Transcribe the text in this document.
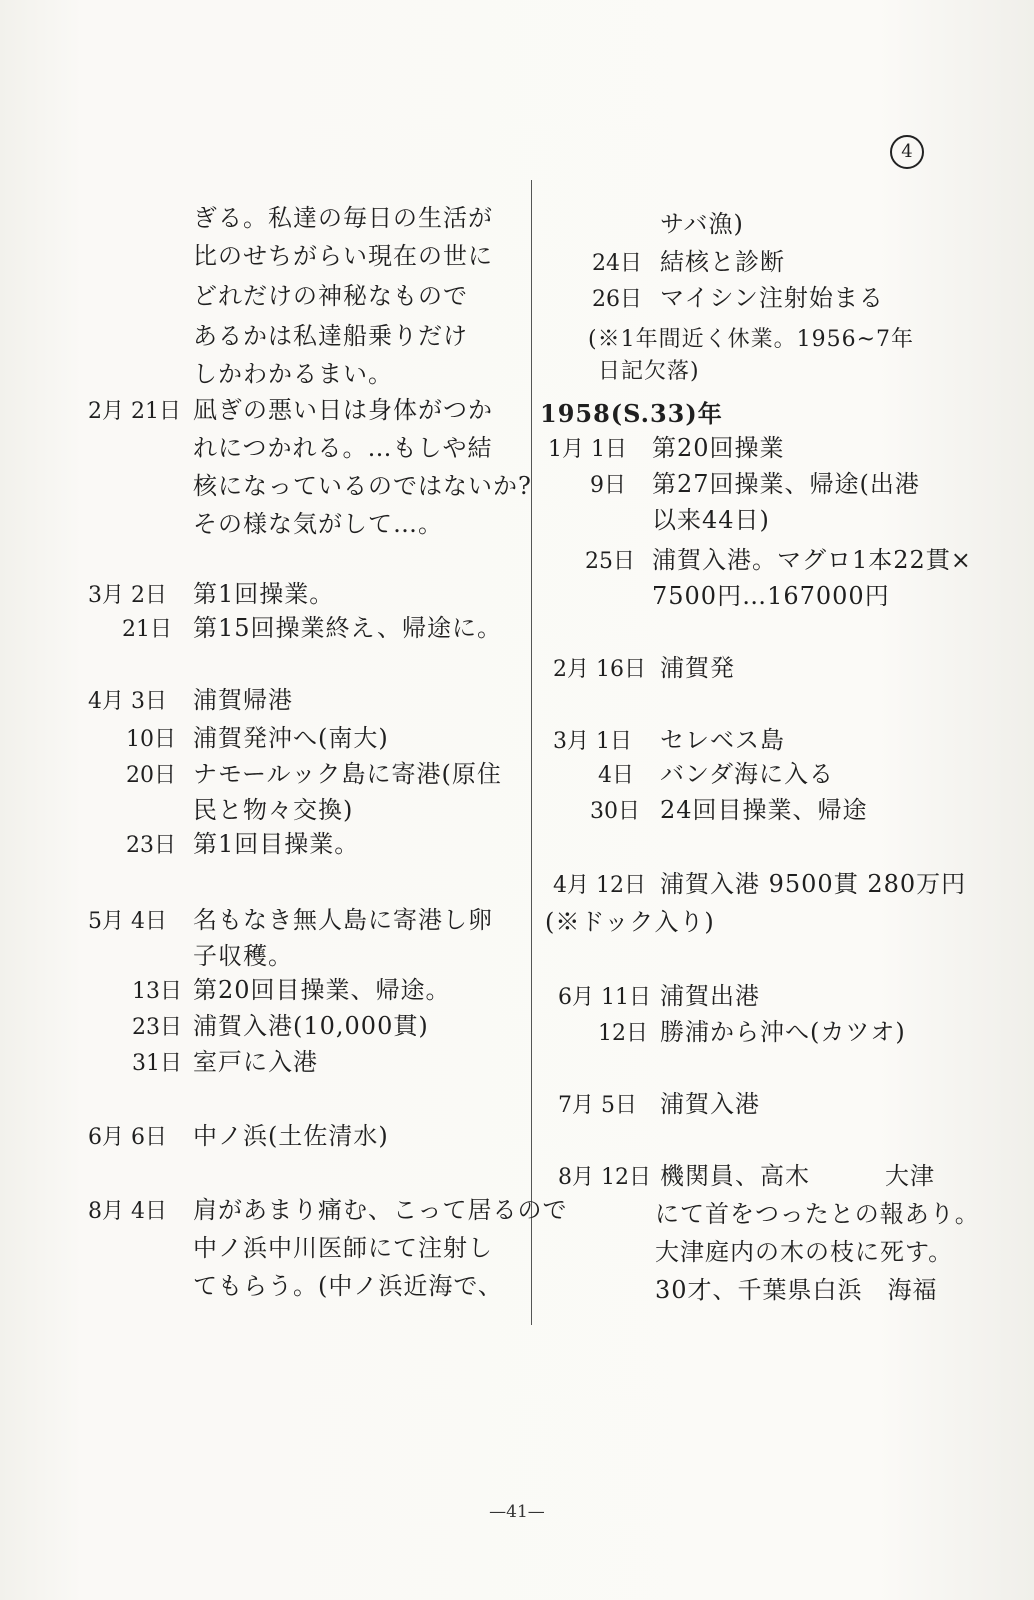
4
ぎる。私達の毎日の生活が
比のせちがらい現在の世に
どれだけの神秘なもので
あるかは私達船乗りだけ
しかわかるまい。
2月 21日 凪ぎの悪い日は身体がつか
れにつかれる。…もしや結
核になっているのではないか?
その様な気がして…。
3月 2日 第1回操業。
21日 第15回操業終え、帰途に。
4月 3日 浦賀帰港
10日 浦賀発沖へ(南大)
20日 ナモールック島に寄港(原住
民と物々交換)
23日 第1回目操業。
5月 4日 名もなき無人島に寄港し卵
子収穫。
13日 第20回目操業、帰途。
23日 浦賀入港(10,000貫)
31日 室戸に入港
6月 6日 中ノ浜(土佐清水)
8月 4日 肩があまり痛む、こって居るので
中ノ浜中川医師にて注射し
てもらう。(中ノ浜近海で、
サバ漁)
24日 結核と診断
26日 マイシン注射始まる
(※1年間近く休業。1956~7年
日記欠落)
1958(S.33)年
1月 1日 第20回操業
9日 第27回操業、帰途(出港
以来44日)
25日 浦賀入港。マグロ1本22貫×
7500円…167000円
2月 16日 浦賀発
3月 1日 セレベス島
4日 バンダ海に入る
30日 24回目操業、帰途
4月 12日 浦賀入港 9500貫 280万円
(※ドック入り)
6月 11日 浦賀出港
12日 勝浦から沖へ(カツオ)
7月 5日 浦賀入港
8月 12日 機関員、高木　　　大津
にて首をつったとの報あり。
大津庭内の木の枝に死す。
30才、千葉県白浜　海福
—41—
